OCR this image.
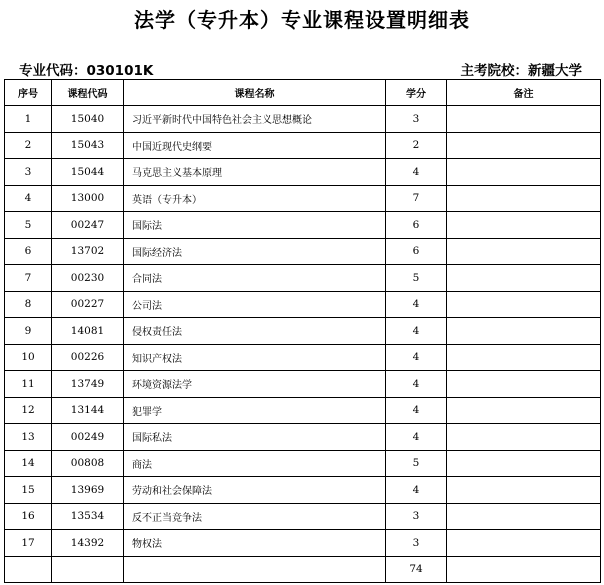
法学（专升本）专业课程设置明细表
专业代码：030101K	主考院校：新疆大学
序号	课程代码	课程名称	学分	备注
1	15040	习近平新时代中国特色社会主义思想概论	3	
2	15043	中国近现代史纲要	2	
3	15044	马克思主义基本原理	4	
4	13000	英语（专升本）	7	
5	00247	国际法	6	
6	13702	国际经济法	6	
7	00230	合同法	5	
8	00227	公司法	4	
9	14081	侵权责任法	4	
10	00226	知识产权法	4	
11	13749	环境资源法学	4	
12	13144	犯罪学	4	
13	00249	国际私法	4	
14	00808	商法	5	
15	13969	劳动和社会保障法	4	
16	13534	反不正当竞争法	3	
17	14392	物权法	3	
			74	
